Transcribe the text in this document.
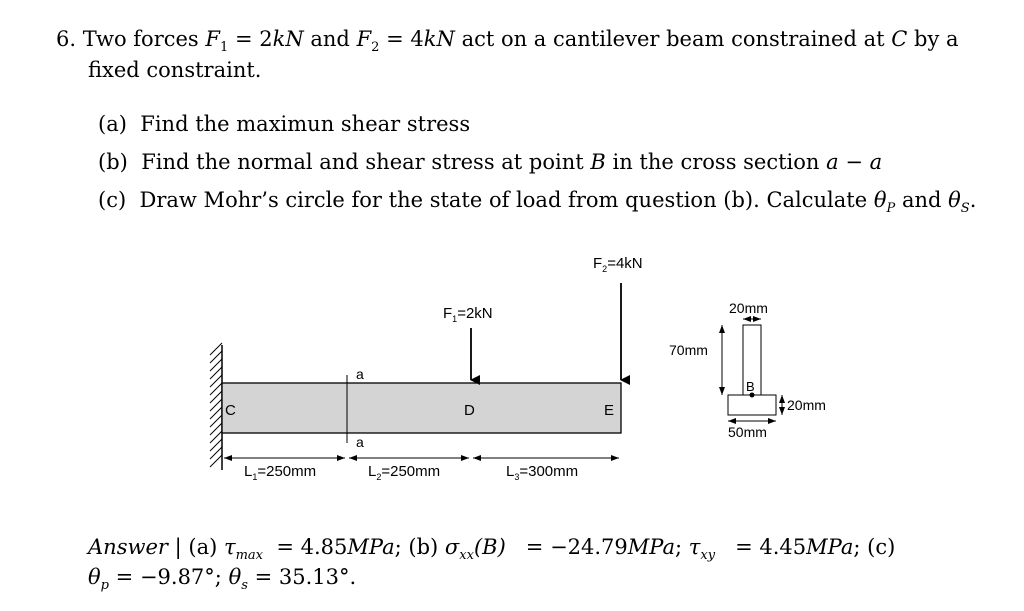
6. Two forces $F_1 = 2kN$ and $F_2 = 4kN$ act on a cantilever beam constrained at C by a
fixed constraint.
(a) Find the maximun shear stress
(b) Find the normal and shear stress at point B in the cross section a − a
(c) Draw Mohr’s circle for the state of load from question (b). Calculate $\theta_P$ and $\theta_S$.
a
a
C	D	E
$F_1=2kN$
$F_2=4kN$
$L_1=250mm$	$L_2=250mm$	$L_3=300mm$
B
20mm
70mm
20mm
50mm
Answer | (a) $\tau_{max} = 4.85MPa$; (b) $\sigma_{xx}(B) = -24.79MPa$; $\tau_{xy} = 4.45MPa$; (c)
$\theta_p = -9.87^\circ$; $\theta_s = 35.13^\circ$.
